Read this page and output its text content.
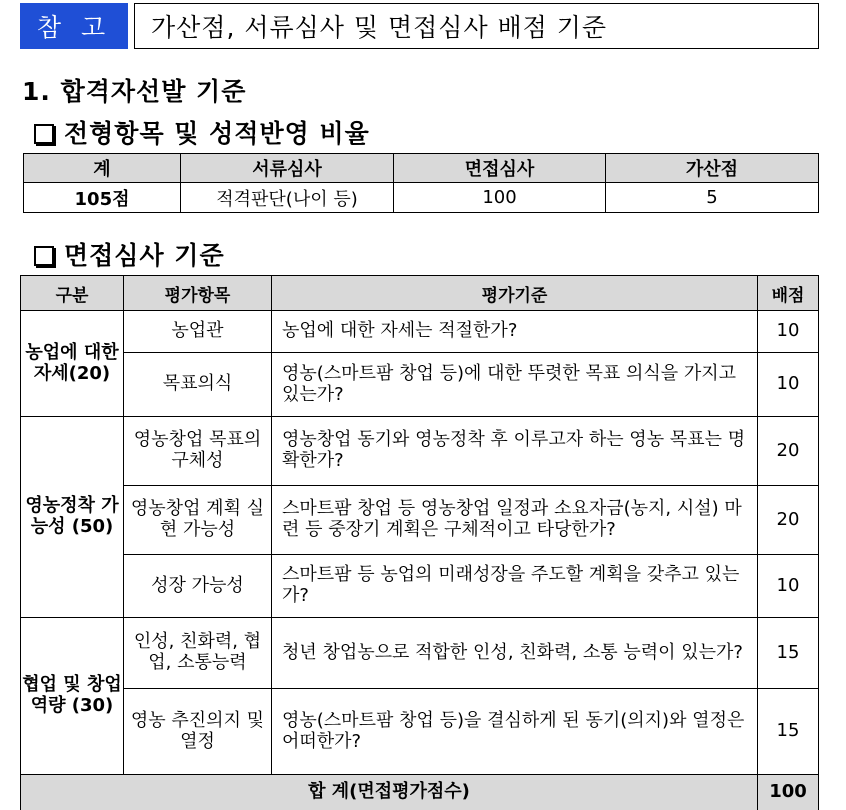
참 고	가산점, 서류심사 및 면접심사 배점 기준
1. 합격자선발 기준
전형항목 및 성적반영 비율
계	서류심사	면접심사	가산점
105점	적격판단(나이 등)	100	5
면접심사 기준
구분	평가항목	평가기준	배점
농업에 대한 자세(20)	농업관	농업에 대한 자세는 적절한가?	10
	목표의식	영농(스마트팜 창업 등)에 대한 뚜렷한 목표 의식을 가지고 있는가?	10
영농정착 가능성 (50)	영농창업 목표의 구체성	영농창업 동기와 영농정착 후 이루고자 하는 영농 목표는 명확한가?	20
	영농창업 계획 실현 가능성	스마트팜 창업 등 영농창업 일정과 소요자금(농지, 시설) 마련 등 중장기 계획은 구체적이고 타당한가?	20
	성장 가능성	스마트팜 등 농업의 미래성장을 주도할 계획을 갖추고 있는가?	10
협업 및 창업역량 (30)	인성, 친화력, 협업, 소통능력	청년 창업농으로 적합한 인성, 친화력, 소통 능력이 있는가?	15
	영농 추진의지 및 열정	영농(스마트팜 창업 등)을 결심하게 된 동기(의지)와 열정은 어떠한가?	15
합 계(면접평가점수)			100
